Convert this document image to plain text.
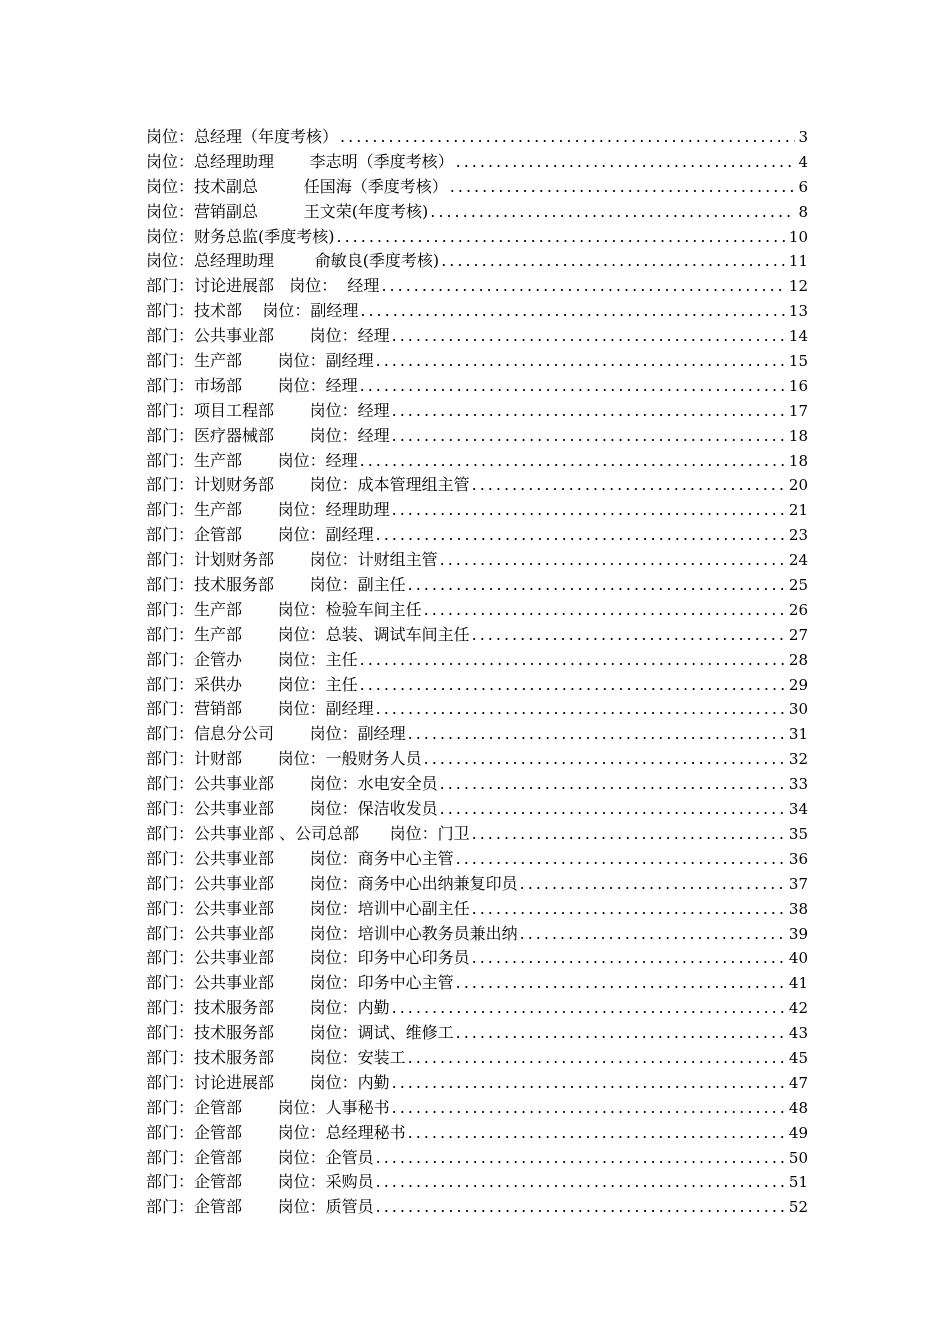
岗位：总经理（年度考核） .....	3
岗位：总经理助理       李志明（季度考核） .....	4
岗位：技术副总         任国海（季度考核） .....	6
岗位：营销副总         王文荣(年度考核) .....	8
岗位：财务总监(季度考核) .....	10
岗位：总经理助理        俞敏良(季度考核) .....	11
部门：讨论进展部   岗位：  经理 .....	12
部门：技术部    岗位：副经理 .....	13
部门：公共事业部       岗位：经理 .....	14
部门：生产部       岗位：副经理 .....	15
部门：市场部       岗位：经理 .....	16
部门：项目工程部       岗位：经理 .....	17
部门：医疗器械部       岗位：经理 .....	18
部门：生产部       岗位：经理 .....	18
部门：计划财务部       岗位：成本管理组主管 .....	20
部门：生产部       岗位：经理助理 .....	21
部门：企管部       岗位：副经理 .....	23
部门：计划财务部       岗位：计财组主管 .....	24
部门：技术服务部       岗位：副主任 .....	25
部门：生产部       岗位：检验车间主任 .....	26
部门：生产部       岗位：总装、调试车间主任 .....	27
部门：企管办       岗位：主任 .....	28
部门：采供办       岗位：主任 .....	29
部门：营销部       岗位：副经理 .....	30
部门：信息分公司       岗位：副经理 .....	31
部门：计财部       岗位：一般财务人员 .....	32
部门：公共事业部       岗位：水电安全员 .....	33
部门：公共事业部       岗位：保洁收发员 .....	34
部门：公共事业部 、公司总部      岗位：门卫 .....	35
部门：公共事业部       岗位：商务中心主管 .....	36
部门：公共事业部       岗位：商务中心出纳兼复印员 .....	37
部门：公共事业部       岗位：培训中心副主任 .....	38
部门：公共事业部       岗位：培训中心教务员兼出纳 .....	39
部门：公共事业部       岗位：印务中心印务员 .....	40
部门：公共事业部       岗位：印务中心主管 .....	41
部门：技术服务部       岗位：内勤 .....	42
部门：技术服务部       岗位：调试、维修工 .....	43
部门：技术服务部       岗位：安装工 .....	45
部门：讨论进展部       岗位：内勤 .....	47
部门：企管部       岗位：人事秘书 .....	48
部门：企管部       岗位：总经理秘书 .....	49
部门：企管部       岗位：企管员 .....	50
部门：企管部       岗位：采购员 .....	51
部门：企管部       岗位：质管员 .....	52
